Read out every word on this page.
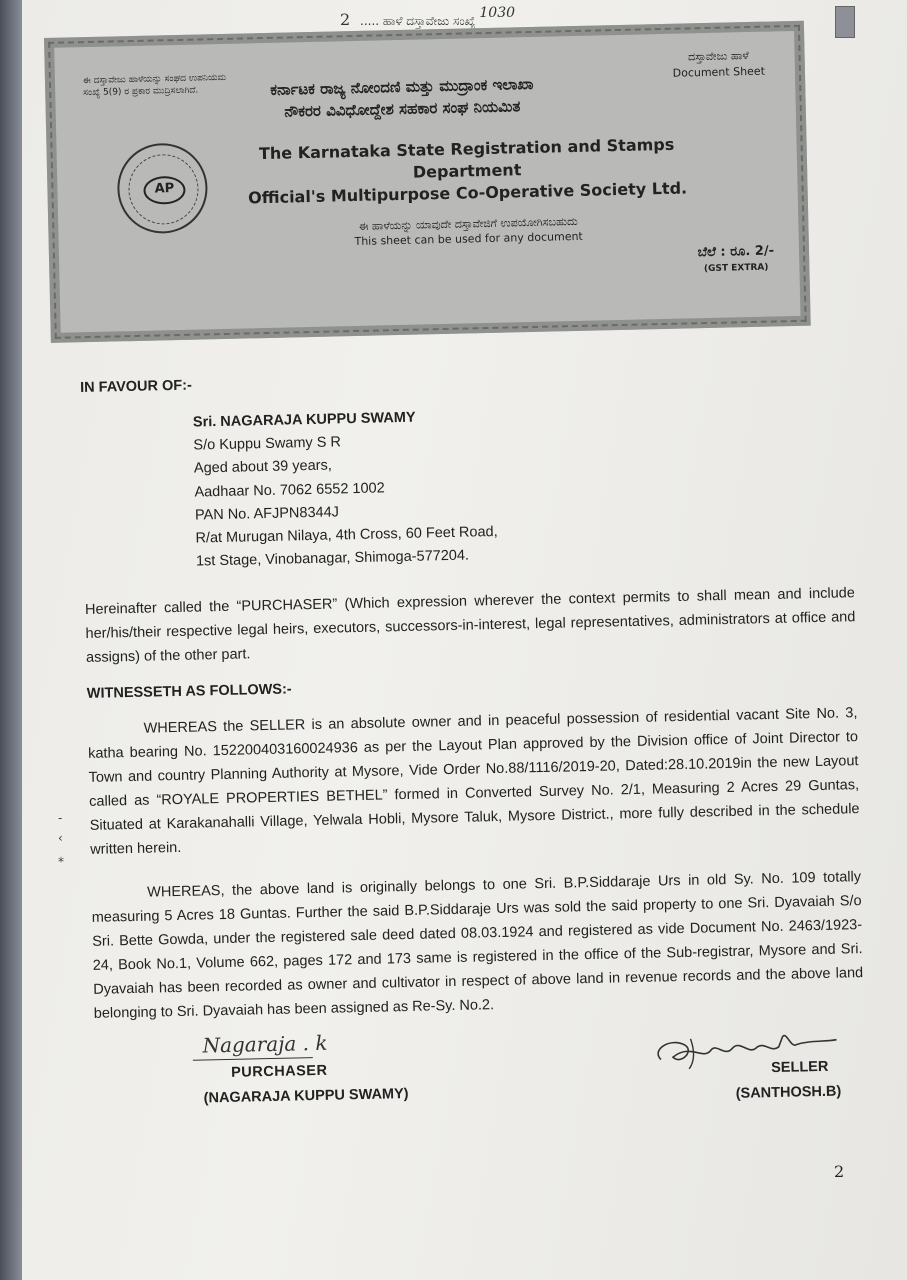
2 ..... ಹಾಳೆ ದಸ್ತಾವೇಜು ಸಂಖ್ಯೆ 1030
ಈ ದಸ್ತಾವೇಜು ಹಾಳೆಯನ್ನು ಸಂಘದ ಉಪನಿಯಮ
ಸಂಖ್ಯೆ 5(9) ರ ಪ್ರಕಾರ ಮುದ್ರಿಸಲಾಗಿದೆ.	ಕರ್ನಾಟಕ ರಾಜ್ಯ ನೋಂದಣಿ ಮತ್ತು ಮುದ್ರಾಂಕ ಇಲಾಖಾ
ನೌಕರರ ವಿವಿಧೋದ್ದೇಶ ಸಹಕಾರ ಸಂಘ ನಿಯಮಿತ
ದಸ್ತಾವೇಜು ಹಾಳೆ
Document Sheet
AP
The Karnataka State Registration and Stamps Department
Official's Multipurpose Co-Operative Society Ltd.
ಈ ಹಾಳೆಯನ್ನು ಯಾವುದೇ ದಸ್ತಾವೇಜಿಗೆ ಉಪಯೋಗಿಸಬಹುದು
This sheet can be used for any document
ಬೆಲೆ : ರೂ. 2/-
(GST EXTRA)

IN FAVOUR OF:-

Sri. NAGARAJA KUPPU SWAMY
S/o Kuppu Swamy S R
Aged about 39 years,
Aadhaar No. 7062 6552 1002
PAN No. AFJPN8344J
R/at Murugan Nilaya, 4th Cross, 60 Feet Road,
1st Stage, Vinobanagar, Shimoga-577204.

Hereinafter called the “PURCHASER” (Which expression wherever the context permits to shall mean and include her/his/their respective legal heirs, executors, successors-in-interest, legal representatives, administrators at office and assigns) of the other part.

WITNESSETH AS FOLLOWS:-

WHEREAS the SELLER is an absolute owner and in peaceful possession of residential vacant Site No. 3, katha bearing No. 152200403160024936 as per the Layout Plan approved by the Division office of Joint Director to Town and country Planning Authority at Mysore, Vide Order No.88/1116/2019-20, Dated:28.10.2019in the new Layout called as “ROYALE PROPERTIES BETHEL” formed in Converted Survey No. 2/1, Measuring 2 Acres 29 Guntas, Situated at Karakanahalli Village, Yelwala Hobli, Mysore Taluk, Mysore District., more fully described in the schedule written herein.

WHEREAS, the above land is originally belongs to one Sri. B.P.Siddaraje Urs in old Sy. No. 109 totally measuring 5 Acres 18 Guntas. Further the said B.P.Siddaraje Urs was sold the said property to one Sri. Dyavaiah S/o Sri. Bette Gowda, under the registered sale deed dated 08.03.1924 and registered as vide Document No. 2463/1923-24, Book No.1, Volume 662, pages 172 and 173 same is registered in the office of the Sub-registrar, Mysore and Sri. Dyavaiah has been recorded as owner and cultivator in respect of above land in revenue records and the above land belonging to Sri. Dyavaiah has been assigned as Re-Sy. No.2.

Nagaraja . k
PURCHASER
(NAGARAJA KUPPU SWAMY)
SELLER
(SANTHOSH.B)
-
‹
⁎
2
